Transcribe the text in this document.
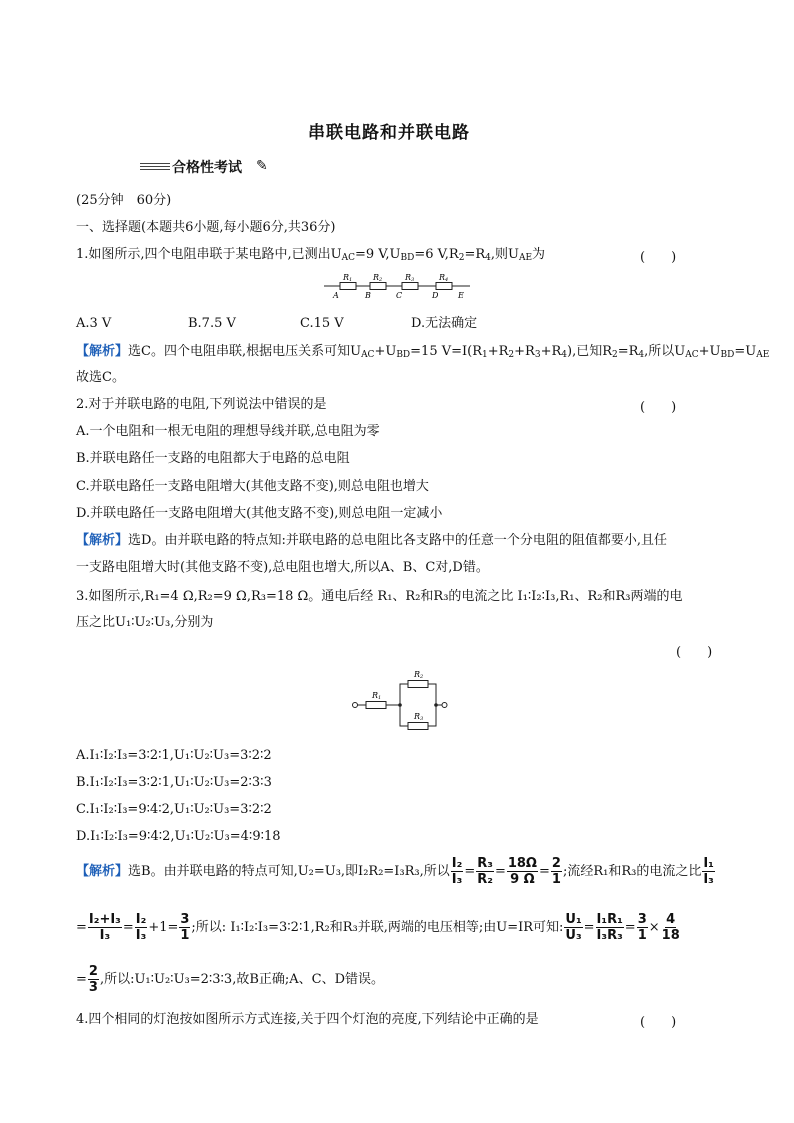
串联电路和并联电路
合格性考试 ✎
(25分钟　60分)
一、选择题(本题共6小题,每小题6分,共36分)
1.如图所示,四个电阻串联于某电路中,已测出$U_{AC}=9$ $V,U_{BD}=6$ $V,R_2=R_4$,则$U_{AE}$为	(　　)
R1	R2	R3	R4
A	B	C	D E
A.3 V	B.7.5 V	C.15 V	D.无法确定
【解析】选C。四个电阻串联,根据电压关系可知$U_{AC}+U_{BD}=15$ $V=I(R_1+R_2+R_3+R_4)$,已知$R_2=R_4$,所以$U_{AC}+U_{BD}=U_{AE}$
故选C。
2.对于并联电路的电阻,下列说法中错误的是	(　　)
A.一个电阻和一根无电阻的理想导线并联,总电阻为零
B.并联电路任一支路的电阻都大于电路的总电阻
C.并联电路任一支路电阻增大(其他支路不变),则总电阻也增大
D.并联电路任一支路电阻增大(其他支路不变),则总电阻一定减小
【解析】选D。由并联电路的特点知:并联电路的总电阻比各支路中的任意一个分电阻的阻值都要小,且任
一支路电阻增大时(其他支路不变),总电阻也增大,所以A、B、C对,D错。
3.如图所示,R₁=4 Ω,R₂=9 Ω,R₃=18 Ω。通电后经 R₁、R₂和R₃的电流之比 I₁∶I₂∶I₃,R₁、R₂和R₃两端的电
压之比U₁∶U₂∶U₃,分别为
(　　)
R1
R2
R3
A.I₁∶I₂∶I₃=3∶2∶1,U₁∶U₂∶U₃=3∶2∶2
B.I₁∶I₂∶I₃=3∶2∶1,U₁∶U₂∶U₃=2∶3∶3
C.I₁∶I₂∶I₃=9∶4∶2,U₁∶U₂∶U₃=3∶2∶2
D.I₁∶I₂∶I₃=9∶4∶2,U₁∶U₂∶U₃=4∶9∶18
【解析】选B。由并联电路的特点可知,U₂=U₃,即I₂R₂=I₃R₃,所以 $\frac{\text{I₂}}{\text{I₃}} = \frac{\text{R₃}}{\text{R₂}} = \frac{18\Omega}{9 \Omega} = \frac{2}{1}$ ;流经R₁和R₃的电流之比 $\frac{\text{I₁}}{\text{I₃}}$
= $\frac{\text{I₂+I₃}}{\text{I₃}} = \frac{\text{I₂}}{\text{I₃}} +1= \frac{3}{1}$ ;所以: I₁∶I₂∶I₃=3∶2∶1,R₂和R₃并联,两端的电压相等;由U=IR可知: $\frac{\text{U₁}}{\text{U₃}} = \frac{\text{I₁R₁}}{\text{I₃R₃}} = \frac{3}{1} \times \frac{4}{18}$
= $\frac{2}{3}$ ,所以:U₁∶U₂∶U₃=2∶3∶3,故B正确;A、C、D错误。
4.四个相同的灯泡按如图所示方式连接,关于四个灯泡的亮度,下列结论中正确的是	(　　)
